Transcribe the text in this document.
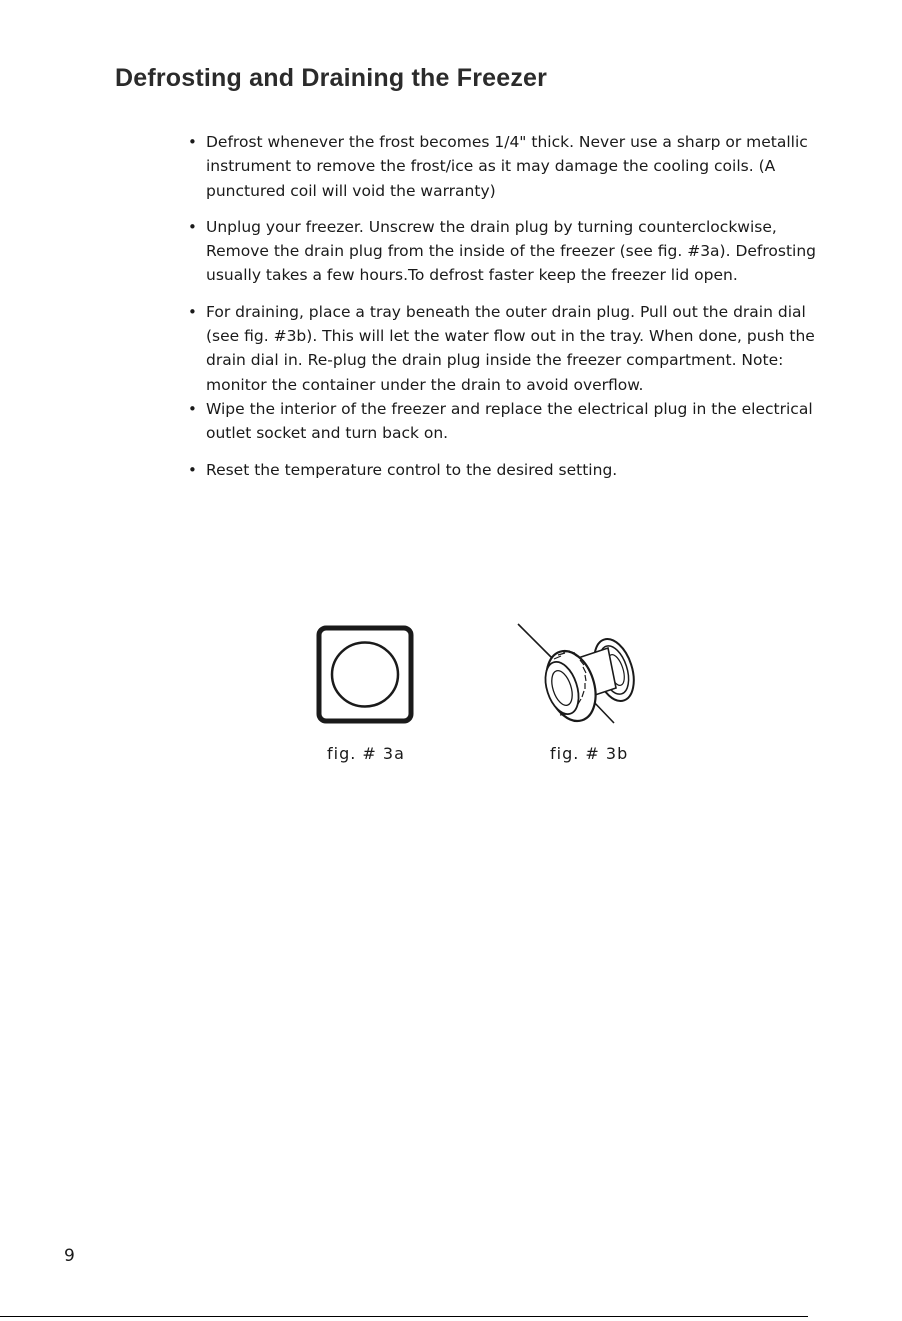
Defrosting and Draining the Freezer
• Defrost whenever the frost becomes 1/4" thick. Never use a sharp or metallic instrument to remove the frost/ice as it may damage the cooling coils. (A punctured coil will void the warranty)
• Unplug your freezer. Unscrew the drain plug by turning counterclockwise, Remove the drain plug from the inside of the freezer (see fig. #3a). Defrosting usually takes a few hours.To defrost faster keep the freezer lid open.
• For draining, place a tray beneath the outer drain plug. Pull out the drain dial (see fig. #3b). This will let the water flow out in the tray. When done, push the drain dial in. Re-plug the drain plug inside the freezer compartment. Note: monitor the container under the drain to avoid overflow.
• Wipe the interior of the freezer and replace the electrical plug in the electrical outlet socket and turn back on.
• Reset the temperature control to the desired setting.
fig. # 3a	fig. # 3b
9
